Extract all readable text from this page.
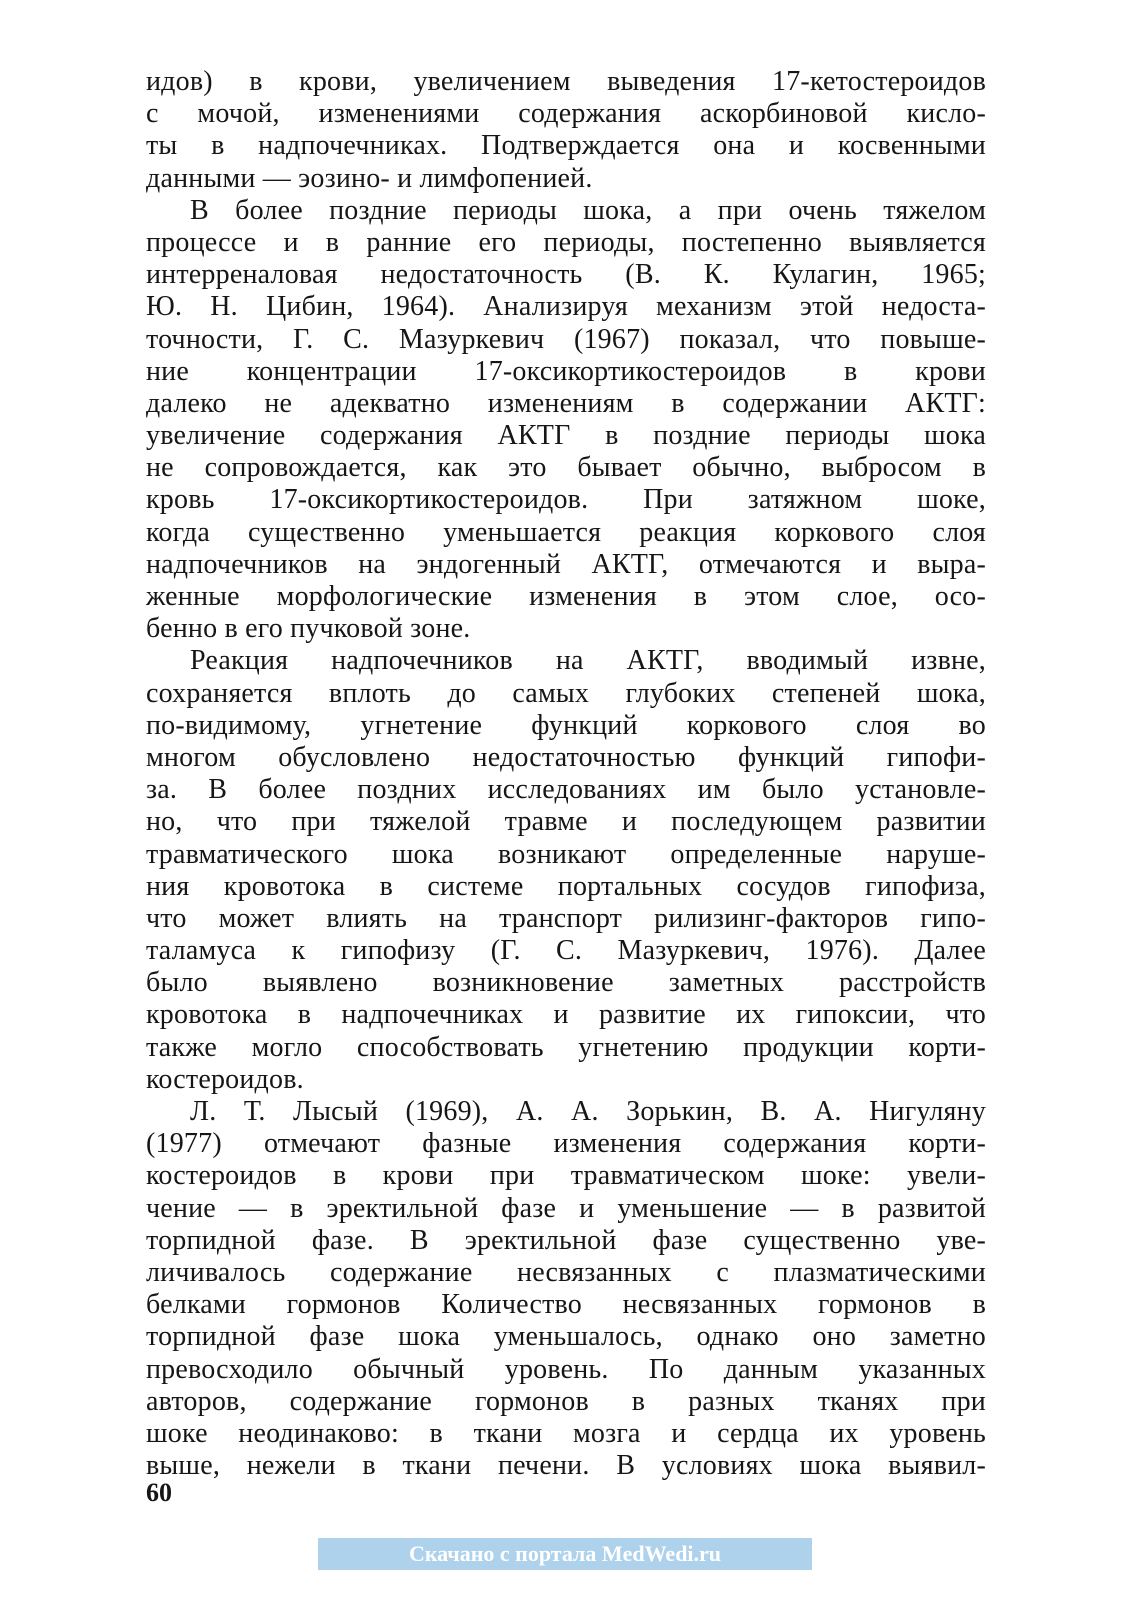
идов) в крови, увеличением выведения 17-кетостероидов
с мочой, изменениями содержания аскорбиновой кисло-
ты в надпочечниках. Подтверждается она и косвенными
данными — эозино- и лимфопенией.
В более поздние периоды шока, а при очень тяжелом
процессе и в ранние его периоды, постепенно выявляется
интерреналовая недостаточность (В. К. Кулагин, 1965;
Ю. Н. Цибин, 1964). Анализируя механизм этой недоста-
точности, Г. С. Мазуркевич (1967) показал, что повыше-
ние концентрации 17-оксикортикостероидов в крови
далеко не адекватно изменениям в содержании АКТГ:
увеличение содержания АКТГ в поздние периоды шока
не сопровождается, как это бывает обычно, выбросом в
кровь 17-оксикортикостероидов. При затяжном шоке,
когда существенно уменьшается реакция коркового слоя
надпочечников на эндогенный АКТГ, отмечаются и выра-
женные морфологические изменения в этом слое, осо-
бенно в его пучковой зоне.
Реакция надпочечников на АКТГ, вводимый извне,
сохраняется вплоть до самых глубоких степеней шока,
по-видимому, угнетение функций коркового слоя во
многом обусловлено недостаточностью функций гипофи-
за. В более поздних исследованиях им было установле-
но, что при тяжелой травме и последующем развитии
травматического шока возникают определенные наруше-
ния кровотока в системе портальных сосудов гипофиза,
что может влиять на транспорт рилизинг-факторов гипо-
таламуса к гипофизу (Г. С. Мазуркевич, 1976). Далее
было выявлено возникновение заметных расстройств
кровотока в надпочечниках и развитие их гипоксии, что
также могло способствовать угнетению продукции корти-
костероидов.
Л. Т. Лысый (1969), А. А. Зорькин, В. А. Нигуляну
(1977) отмечают фазные изменения содержания корти-
костероидов в крови при травматическом шоке: увели-
чение — в эректильной фазе и уменьшение — в развитой
торпидной фазе. В эректильной фазе существенно уве-
личивалось содержание несвязанных с плазматическими
белками гормонов Количество несвязанных гормонов в
торпидной фазе шока уменьшалось, однако оно заметно
превосходило обычный уровень. По данным указанных
авторов, содержание гормонов в разных тканях при
шоке неодинаково: в ткани мозга и сердца их уровень
выше, нежели в ткани печени. В условиях шока выявил-
60
Скачано с портала MedWedi.ru
